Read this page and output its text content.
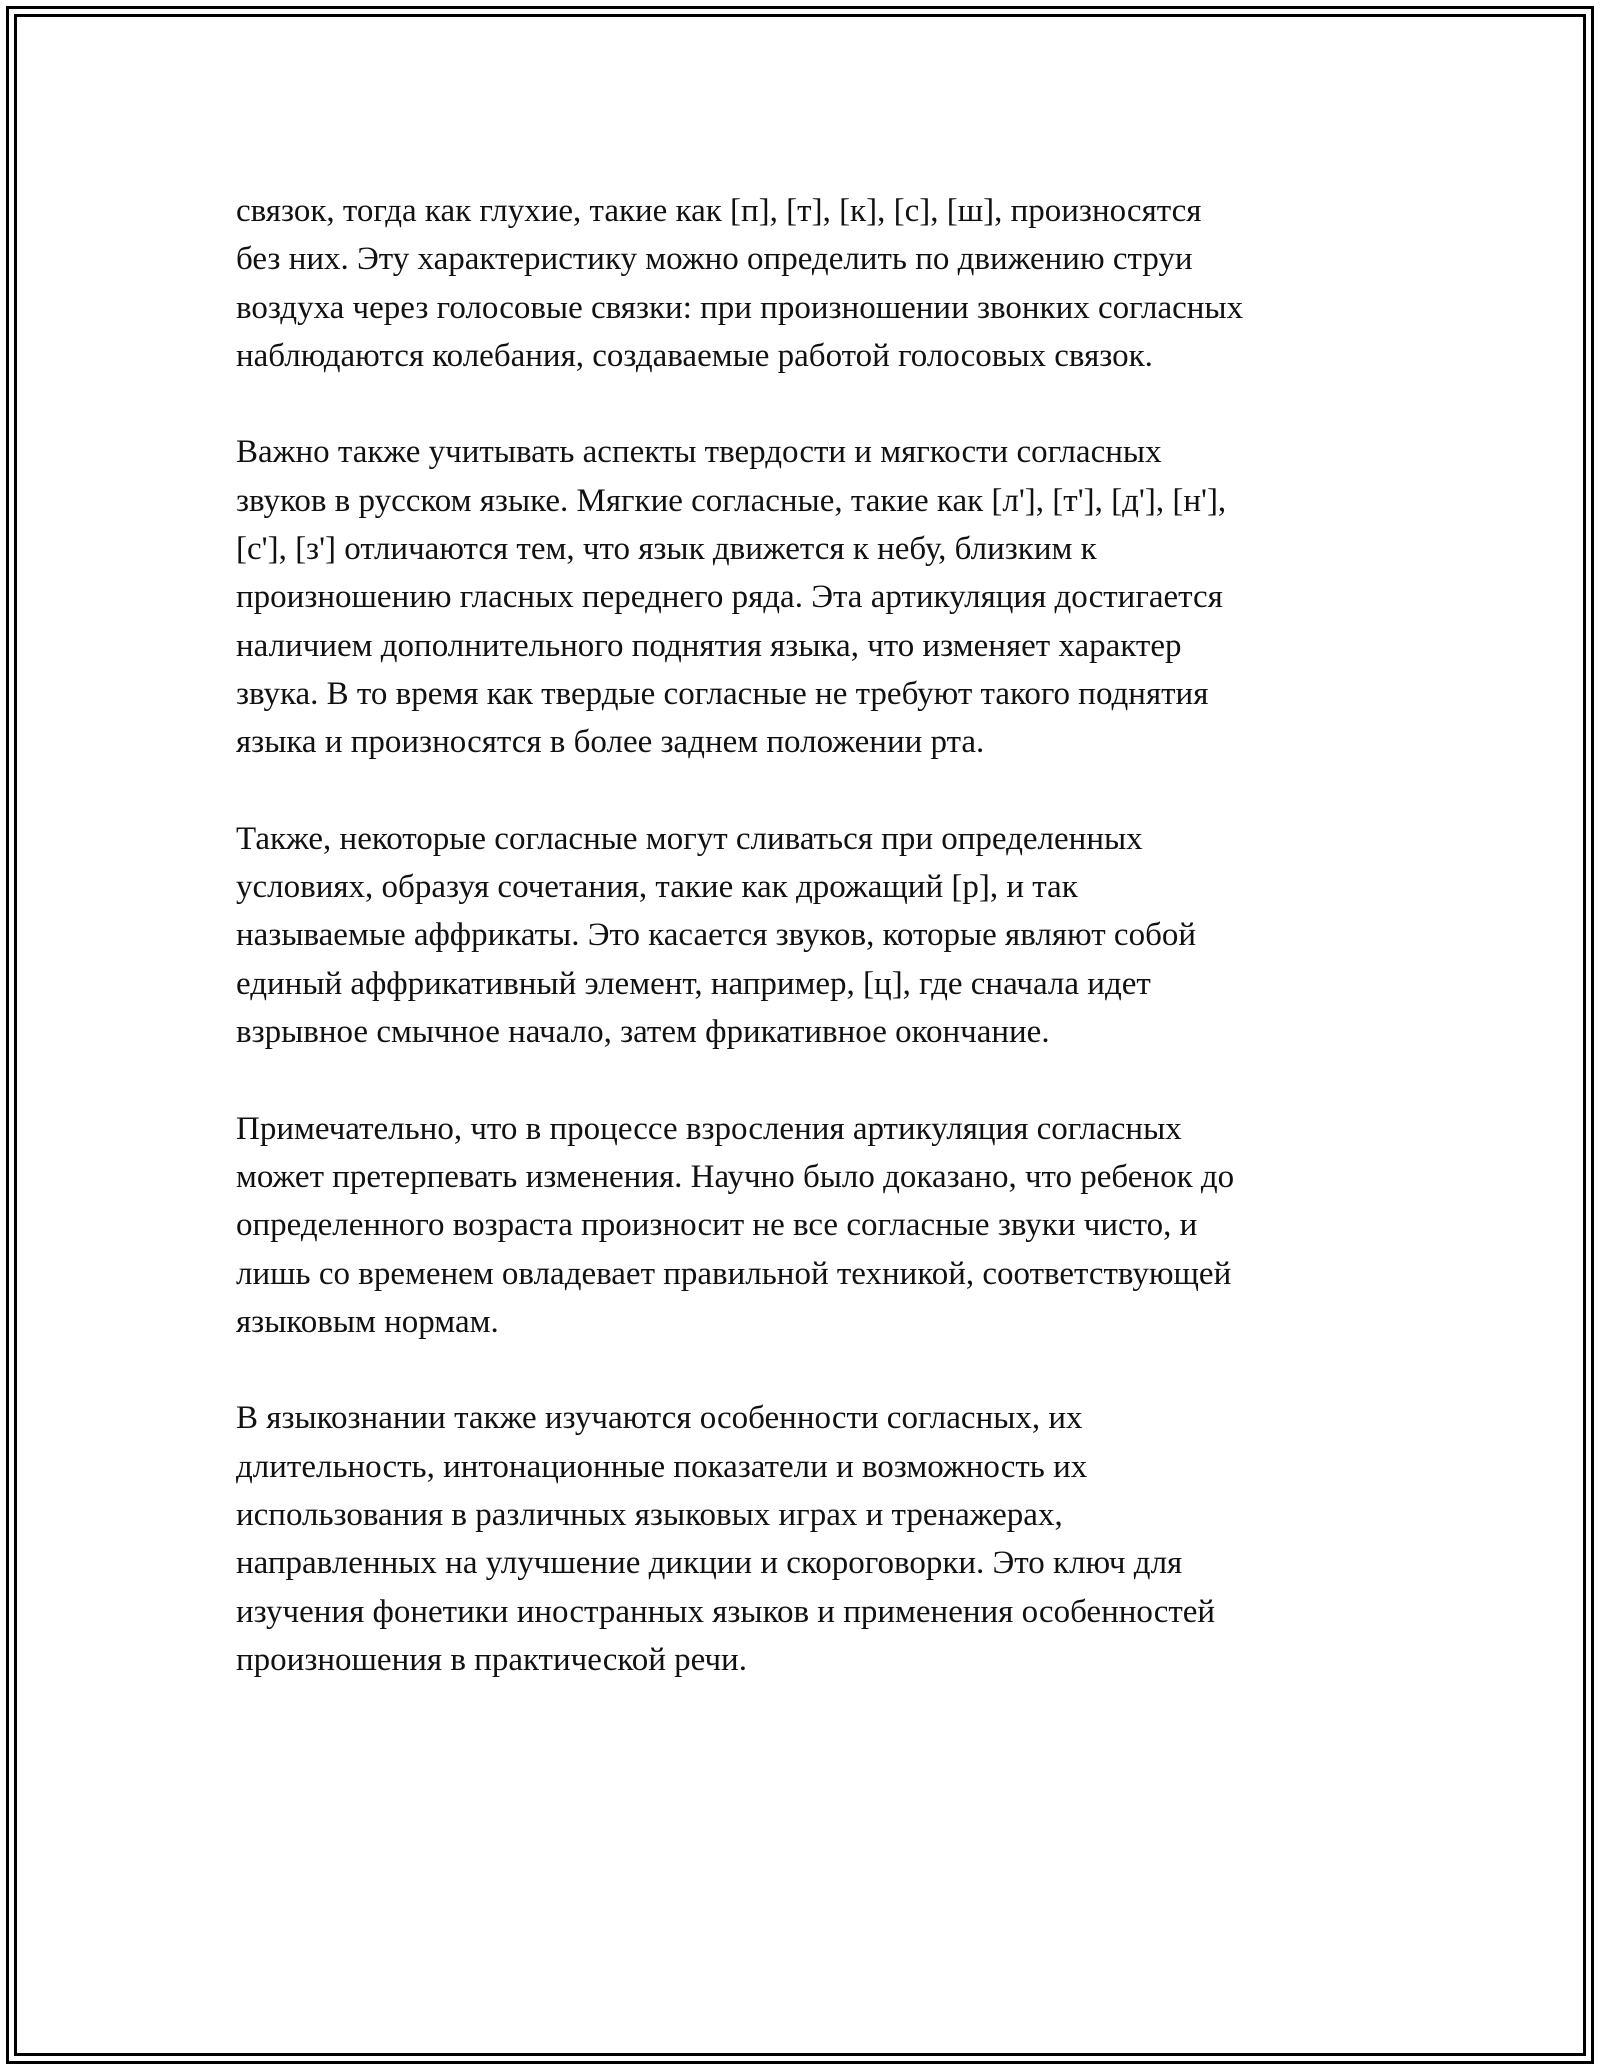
связок, тогда как глухие, такие как [п], [т], [к], [с], [ш], произносятся
без них. Эту характеристику можно определить по движению струи
воздуха через голосовые связки: при произношении звонких согласных
наблюдаются колебания, создаваемые работой голосовых связок.

Важно также учитывать аспекты твердости и мягкости согласных
звуков в русском языке. Мягкие согласные, такие как [л'], [т'], [д'], [н'],
[с'], [з'] отличаются тем, что язык движется к небу, близким к
произношению гласных переднего ряда. Эта артикуляция достигается
наличием дополнительного поднятия языка, что изменяет характер
звука. В то время как твердые согласные не требуют такого поднятия
языка и произносятся в более заднем положении рта.

Также, некоторые согласные могут сливаться при определенных
условиях, образуя сочетания, такие как дрожащий [р], и так
называемые аффрикаты. Это касается звуков, которые являют собой
единый аффрикативный элемент, например, [ц], где сначала идет
взрывное смычное начало, затем фрикативное окончание.

Примечательно, что в процессе взросления артикуляция согласных
может претерпевать изменения. Научно было доказано, что ребенок до
определенного возраста произносит не все согласные звуки чисто, и
лишь со временем овладевает правильной техникой, соответствующей
языковым нормам.

В языкознании также изучаются особенности согласных, их
длительность, интонационные показатели и возможность их
использования в различных языковых играх и тренажерах,
направленных на улучшение дикции и скороговорки. Это ключ для
изучения фонетики иностранных языков и применения особенностей
произношения в практической речи.
